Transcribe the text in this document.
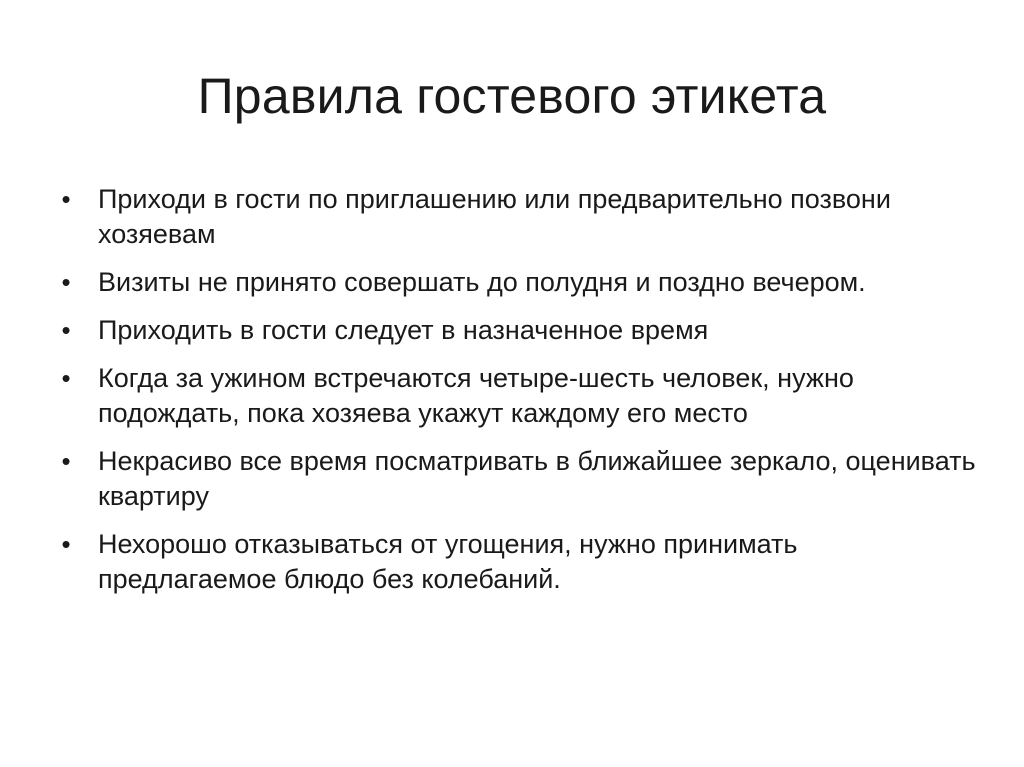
Правила гостевого этикета
• Приходи в гости по приглашению или предварительно позвони хозяевам
• Визиты не принято совершать до полудня и поздно вечером.
• Приходить в гости следует в назначенное время
• Когда за ужином встречаются четыре-шесть человек, нужно подождать, пока хозяева укажут каждому его место
• Некрасиво все время посматривать в ближайшее зеркало, оценивать квартиру
• Нехорошо отказываться от угощения, нужно принимать предлагаемое блюдо без колебаний.
